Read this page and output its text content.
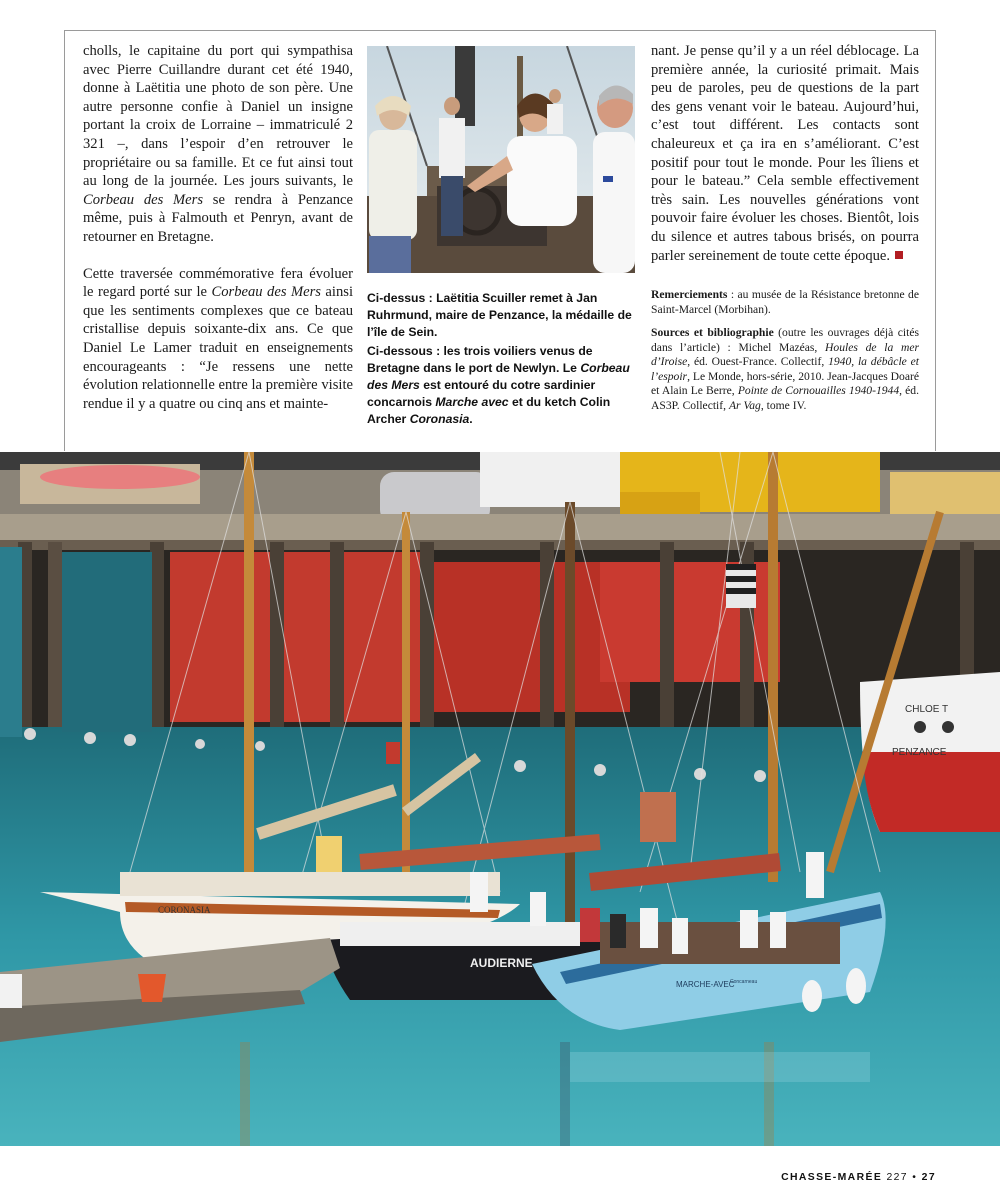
cholls, le capitaine du port qui sympathisa avec Pierre Cuillandre durant cet été 1940, donne à Laëtitia une photo de son père. Une autre personne confie à Daniel un insigne portant la croix de Lorraine – immatriculé 2 321 –, dans l’espoir d’en retrouver le propriétaire ou sa famille. Et ce fut ainsi tout au long de la journée. Les jours suivants, le Corbeau des Mers se rendra à Penzance même, puis à Falmouth et Penryn, avant de retourner en Bretagne.

Cette traversée commémorative fera évoluer le regard porté sur le Corbeau des Mers ainsi que les sentiments complexes que ce bateau cristallise depuis soixante-dix ans. Ce que Daniel Le Lamer traduit en enseignements encourageants : “Je ressens une nette évolution relationnelle entre la première visite rendue il y a quatre ou cinq ans et mainte-

Ci-dessus : Laëtitia Scuiller remet à Jan Ruhrmund, maire de Penzance, la médaille de l’île de Sein.
Ci-dessous : les trois voiliers venus de Bretagne dans le port de Newlyn. Le Corbeau des Mers est entouré du cotre sardinier concarnois Marche avec et du ketch Colin Archer Coronasia.

nant. Je pense qu’il y a un réel déblocage. La première année, la curiosité primait. Mais peu de paroles, peu de questions de la part des gens venant voir le bateau. Aujourd’hui, c’est tout différent. Les contacts sont chaleureux et ça ira en s’améliorant. C’est positif pour tout le monde. Pour les îliens et pour le bateau.” Cela semble effectivement très sain. Les nouvelles générations vont pouvoir faire évoluer les choses. Bientôt, lois du silence et autres tabous brisés, on pourra parler sereinement de toute cette époque.

Remerciements : au musée de la Résistance bretonne de Saint-Marcel (Morbihan).
Sources et bibliographie (outre les ouvrages déjà cités dans l’article) : Michel Mazéas, Houles de la mer d’Iroise, éd. Ouest-France. Collectif, 1940, la débâcle et l’espoir, Le Monde, hors-série, 2010. Jean-Jacques Doaré et Alain Le Berre, Pointe de Cornouailles 1940-1944, éd. AS3P. Collectif, Ar Vag, tome IV.
CHLOE T
PENZANCE
CORONASIA
AUDIERNE
MARCHE-AVEC
Concarneau
CHASSE-MARÉE 227 • 27
